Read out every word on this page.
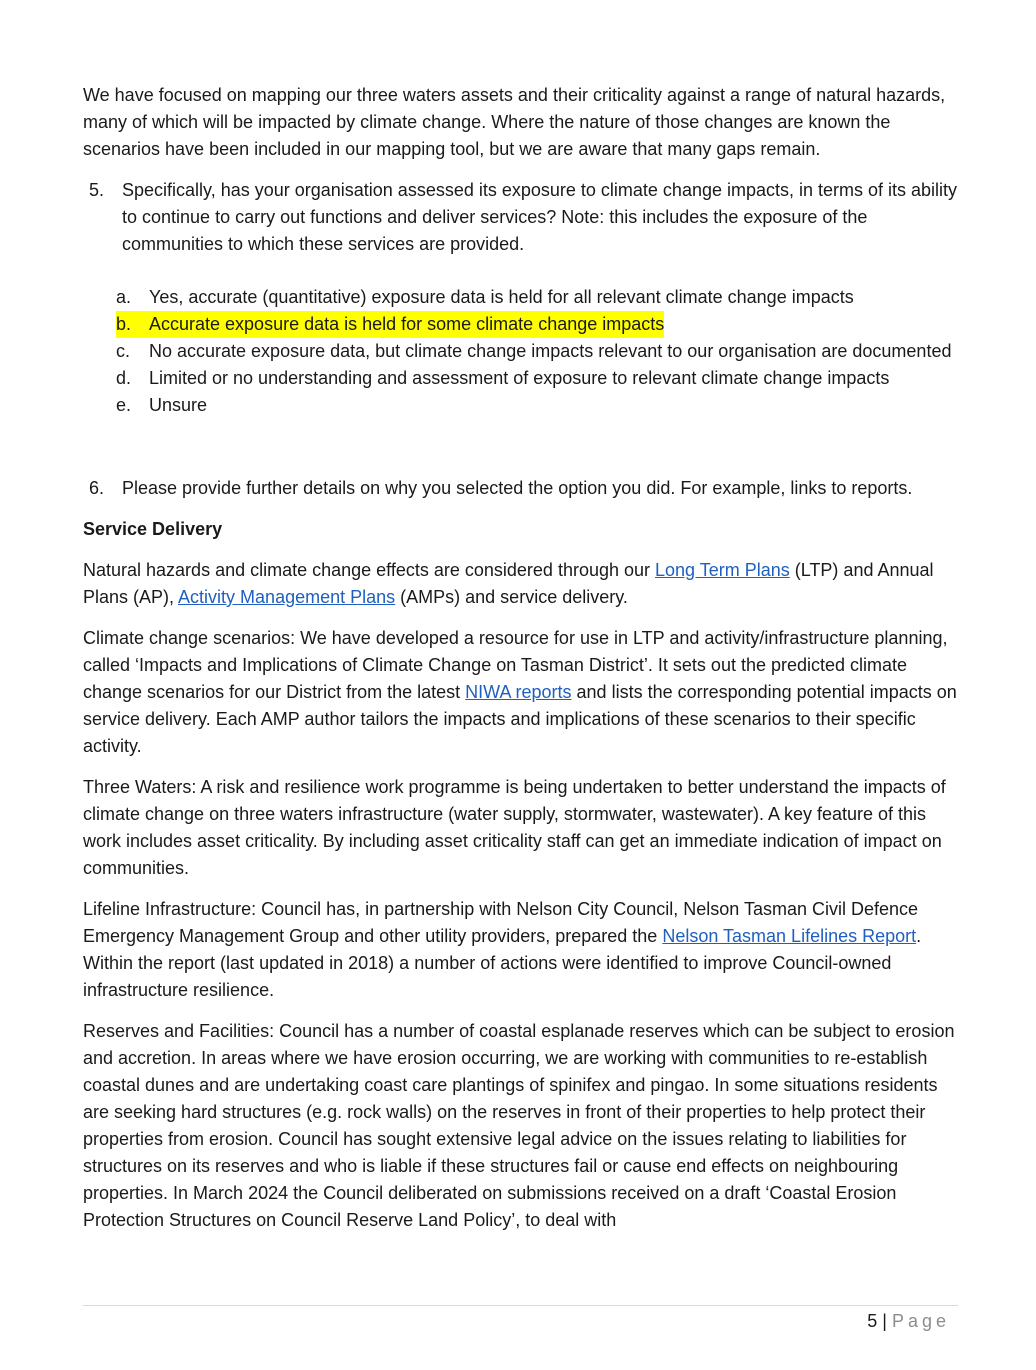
We have focused on mapping our three waters assets and their criticality against a range of natural hazards, many of which will be impacted by climate change. Where the nature of those changes are known the scenarios have been included in our mapping tool, but we are aware that many gaps remain.

5. Specifically, has your organisation assessed its exposure to climate change impacts, in terms of its ability to continue to carry out functions and deliver services? Note: this includes the exposure of the communities to which these services are provided.
a. Yes, accurate (quantitative) exposure data is held for all relevant climate change impacts
b. Accurate exposure data is held for some climate change impacts
c.	No accurate exposure data, but climate change impacts relevant to our organisation are documented
d. Limited or no understanding and assessment of exposure to relevant climate change impacts
e. Unsure
6. Please provide further details on why you selected the option you did. For example, links to reports.

Service Delivery

Natural hazards and climate change effects are considered through our Long Term Plans (LTP) and Annual Plans (AP), Activity Management Plans (AMPs) and service delivery.

Climate change scenarios: We have developed a resource for use in LTP and activity/infrastructure planning, called ‘Impacts and Implications of Climate Change on Tasman District’. It sets out the predicted climate change scenarios for our District from the latest NIWA reports and lists the corresponding potential impacts on service delivery. Each AMP author tailors the impacts and implications of these scenarios to their specific activity.

Three Waters: A risk and resilience work programme is being undertaken to better understand the impacts of climate change on three waters infrastructure (water supply, stormwater, wastewater). A key feature of this work includes asset criticality. By including asset criticality staff can get an immediate indication of impact on communities.

Lifeline Infrastructure: Council has, in partnership with Nelson City Council, Nelson Tasman Civil Defence Emergency Management Group and other utility providers, prepared the Nelson Tasman Lifelines Report. Within the report (last updated in 2018) a number of actions were identified to improve Council-owned infrastructure resilience.

Reserves and Facilities: Council has a number of coastal esplanade reserves which can be subject to erosion and accretion. In areas where we have erosion occurring, we are working with communities to re-establish coastal dunes and are undertaking coast care plantings of spinifex and pingao. In some situations residents are seeking hard structures (e.g. rock walls) on the reserves in front of their properties to help protect their properties from erosion. Council has sought extensive legal advice on the issues relating to liabilities for structures on its reserves and who is liable if these structures fail or cause end effects on neighbouring properties. In March 2024 the Council deliberated on submissions received on a draft ‘Coastal Erosion Protection Structures on Council Reserve Land Policy’, to deal with

5 | Page
